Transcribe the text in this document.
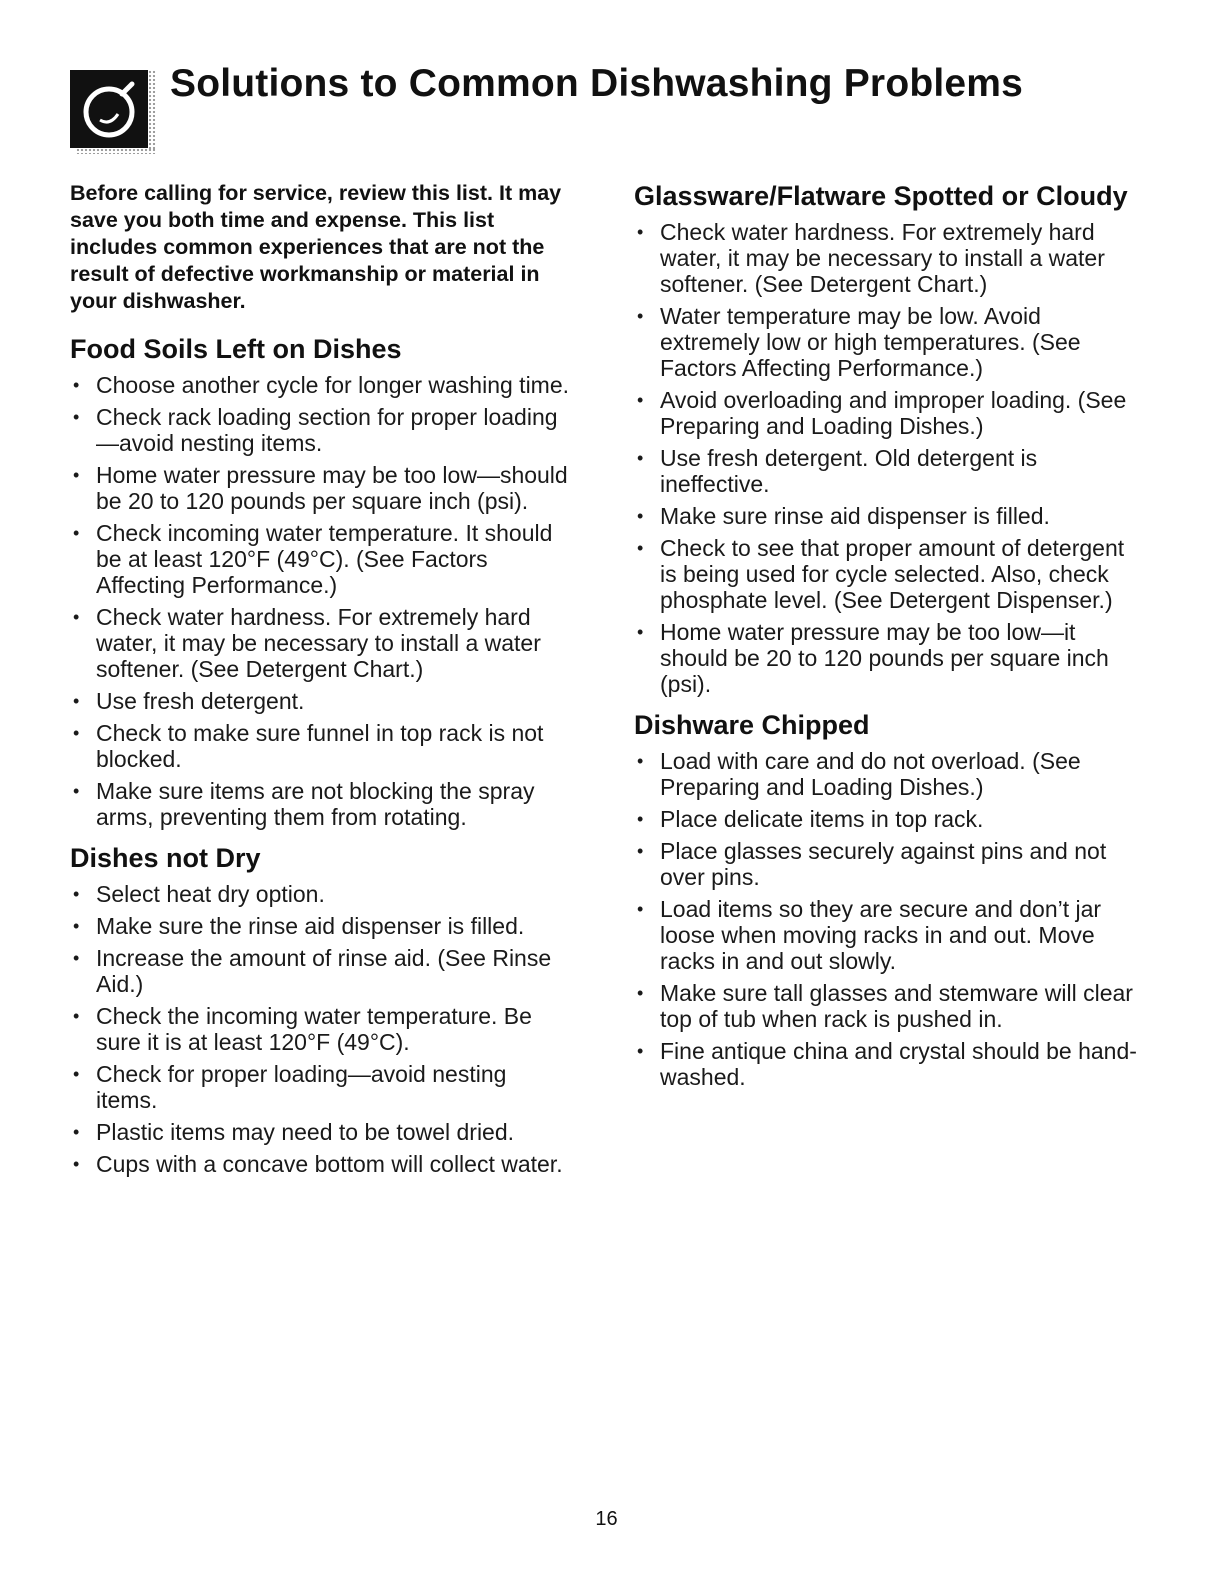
Solutions to Common Dishwashing Problems

Before calling for service, review this list. It may save you both time and expense. This list includes common experiences that are not the result of defective workmanship or material in your dishwasher.

Food Soils Left on Dishes
• Choose another cycle for longer washing time.
• Check rack loading section for proper loading—avoid nesting items.
• Home water pressure may be too low—should be 20 to 120 pounds per square inch (psi).
• Check incoming water temperature. It should be at least 120°F (49°C). (See Factors Affecting Performance.)
• Check water hardness. For extremely hard water, it may be necessary to install a water softener. (See Detergent Chart.)
• Use fresh detergent.
• Check to make sure funnel in top rack is not blocked.
• Make sure items are not blocking the spray arms, preventing them from rotating.
Dishes not Dry
• Select heat dry option.
• Make sure the rinse aid dispenser is filled.
• Increase the amount of rinse aid. (See Rinse Aid.)
• Check the incoming water temperature. Be sure it is at least 120°F (49°C).
• Check for proper loading—avoid nesting items.
• Plastic items may need to be towel dried.
• Cups with a concave bottom will collect water.
Glassware/Flatware Spotted or Cloudy
• Check water hardness. For extremely hard water, it may be necessary to install a water softener. (See Detergent Chart.)
• Water temperature may be low. Avoid extremely low or high temperatures. (See Factors Affecting Performance.)
• Avoid overloading and improper loading. (See Preparing and Loading Dishes.)
• Use fresh detergent. Old detergent is ineffective.
• Make sure rinse aid dispenser is filled.
• Check to see that proper amount of detergent is being used for cycle selected. Also, check phosphate level. (See Detergent Dispenser.)
• Home water pressure may be too low—it should be 20 to 120 pounds per square inch (psi).
Dishware Chipped
• Load with care and do not overload. (See Preparing and Loading Dishes.)
• Place delicate items in top rack.
• Place glasses securely against pins and not over pins.
• Load items so they are secure and don’t jar loose when moving racks in and out. Move racks in and out slowly.
• Make sure tall glasses and stemware will clear top of tub when rack is pushed in.
• Fine antique china and crystal should be hand-washed.
16
